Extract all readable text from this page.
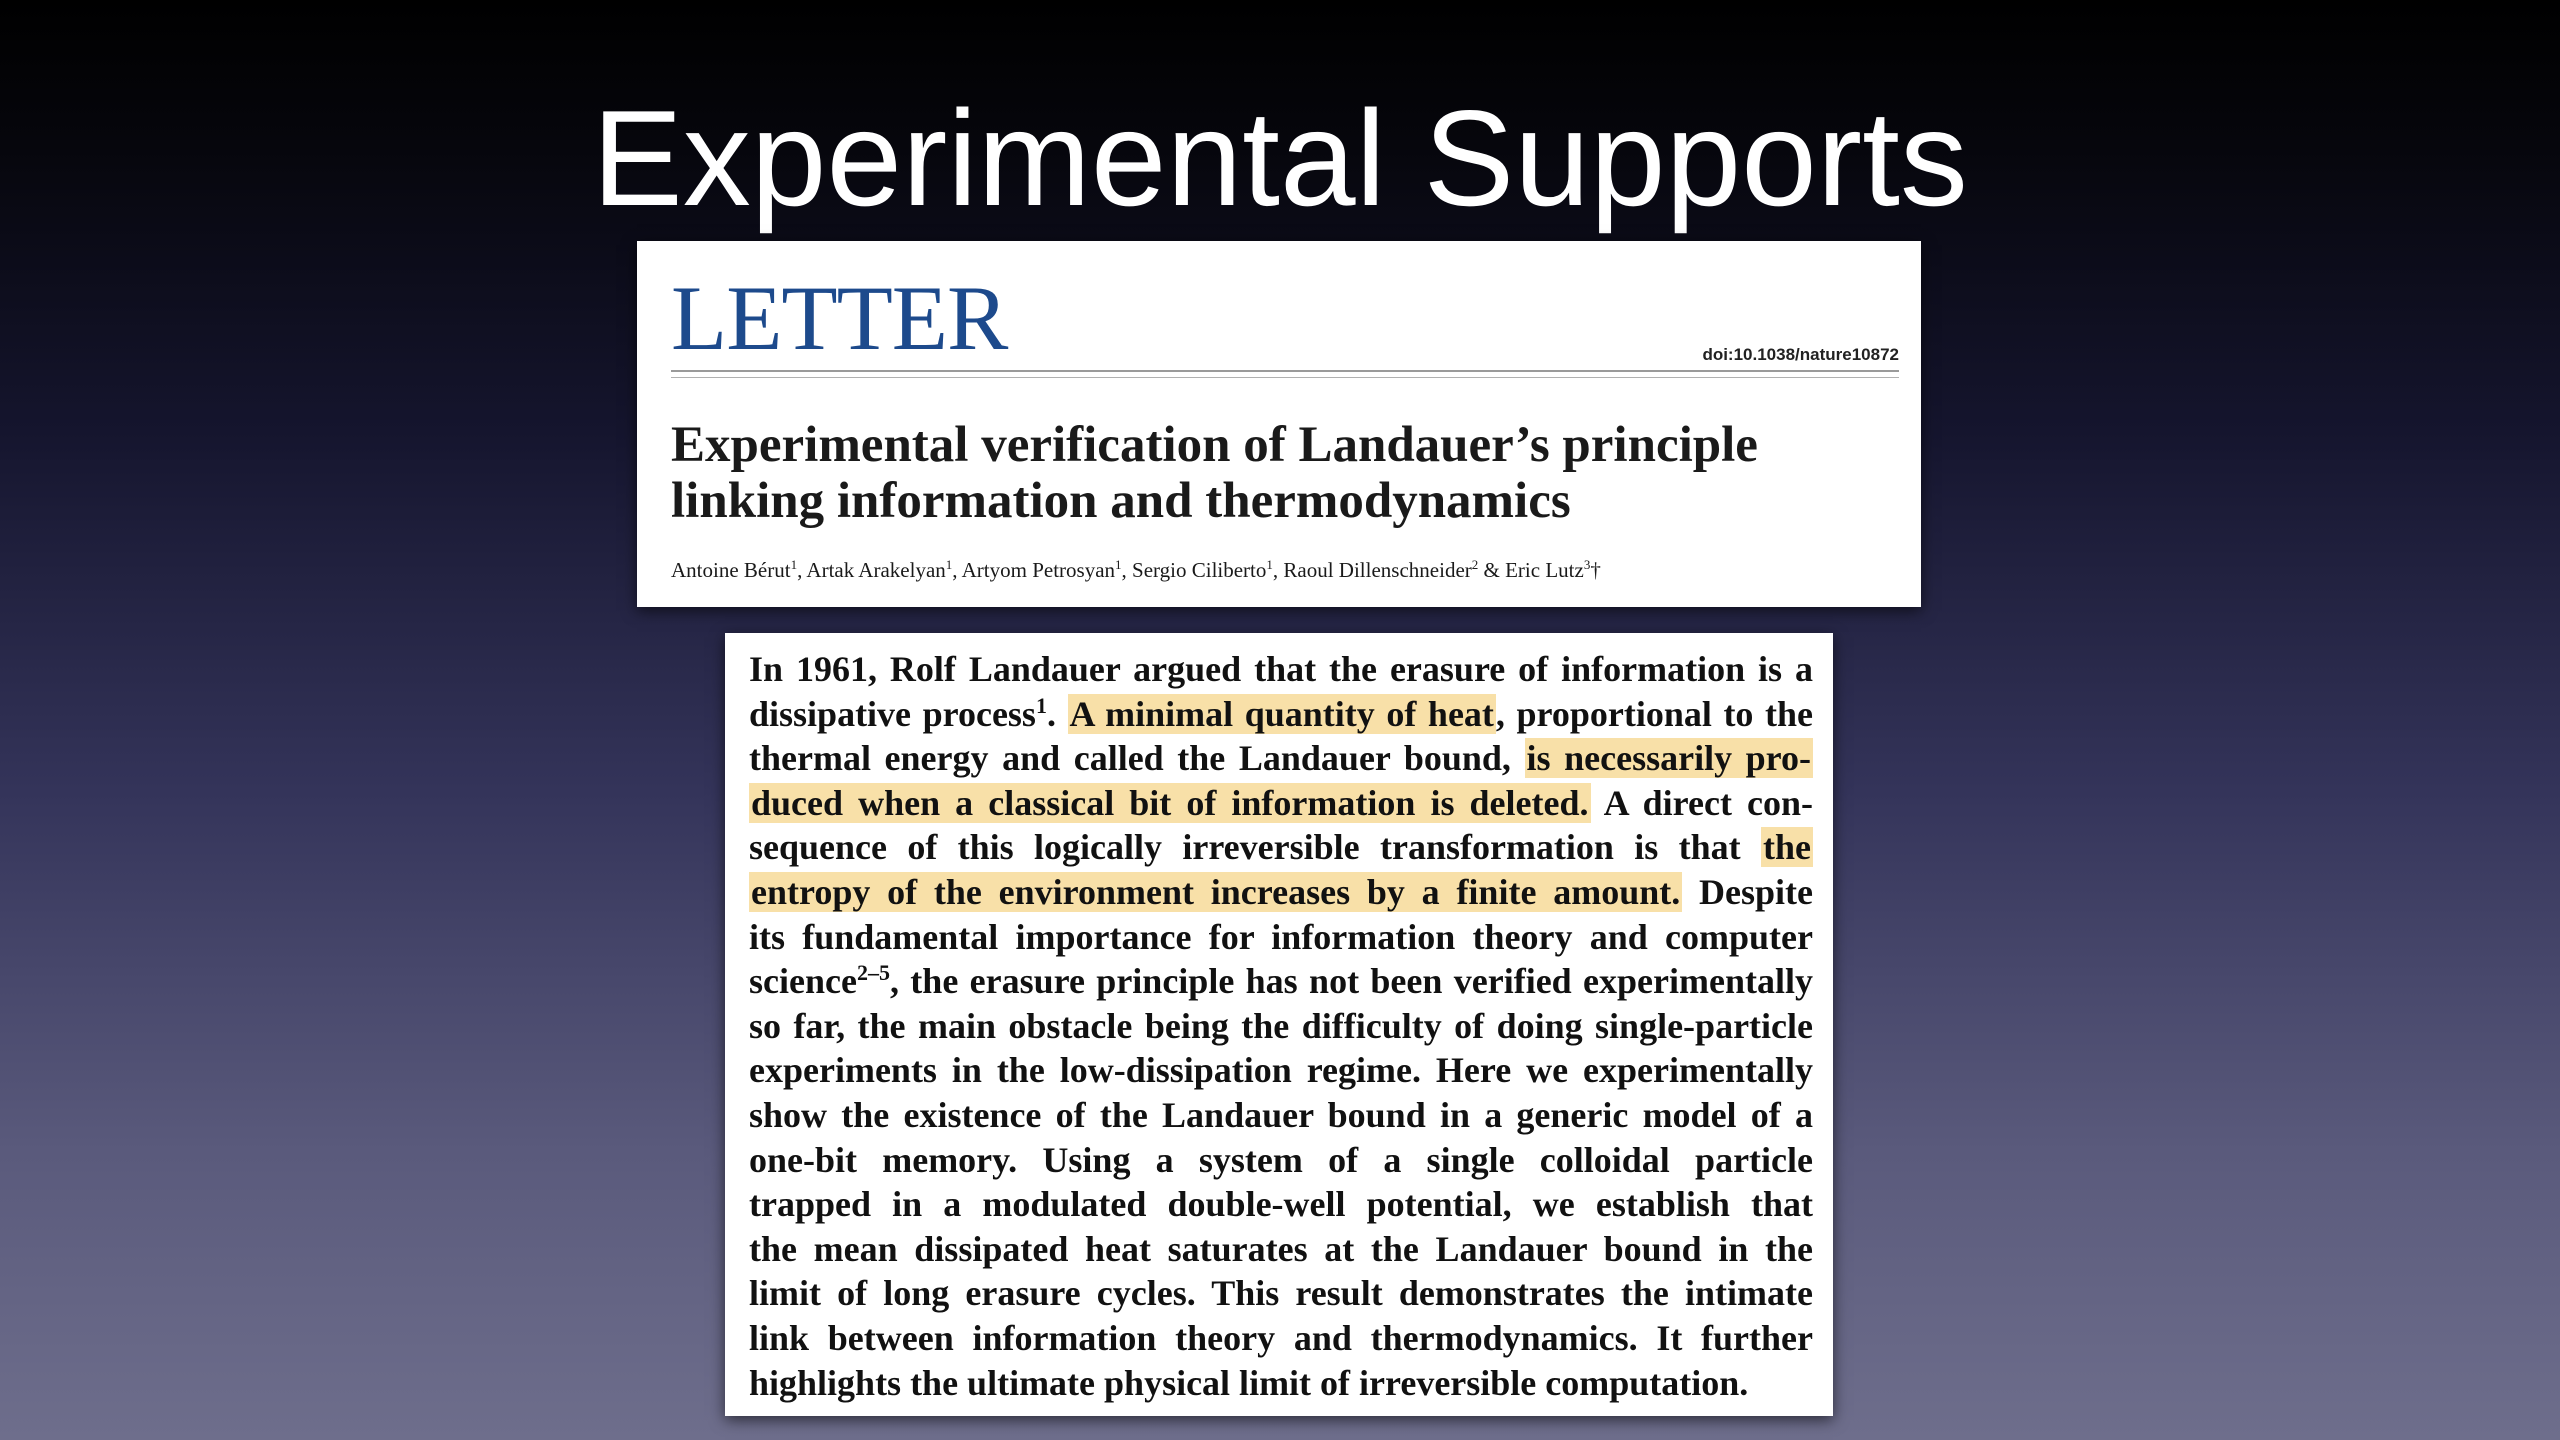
Experimental Supports
LETTER	doi:10.1038/nature10872
Experimental verification of Landauer’s principle
linking information and thermodynamics
Antoine Bérut$^1$, Artak Arakelyan$^1$, Artyom Petrosyan$^1$, Sergio Ciliberto$^1$, Raoul Dillenschneider$^2$ & Eric Lutz$^3$†
In 1961, Rolf Landauer argued that the erasure of information is a
dissipative process$^1$. A minimal quantity of heat, proportional to the
thermal energy and called the Landauer bound, is necessarily pro-
duced when a classical bit of information is deleted. A direct con-
sequence of this logically irreversible transformation is that the
entropy of the environment increases by a finite amount. Despite
its fundamental importance for information theory and computer
science$^{2-5}$, the erasure principle has not been verified experimentally
so far, the main obstacle being the difficulty of doing single-particle
experiments in the low-dissipation regime. Here we experimentally
show the existence of the Landauer bound in a generic model of a
one-bit memory. Using a system of a single colloidal particle
trapped in a modulated double-well potential, we establish that
the mean dissipated heat saturates at the Landauer bound in the
limit of long erasure cycles. This result demonstrates the intimate
link between information theory and thermodynamics. It further
highlights the ultimate physical limit of irreversible computation.
